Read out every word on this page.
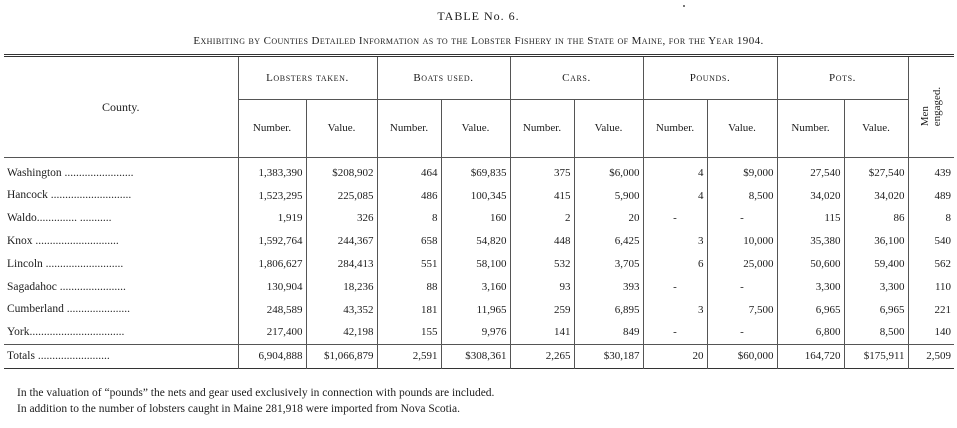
TABLE No. 6.
Exhibiting by Counties Detailed Information as to the Lobster Fishery in the State of Maine, for the Year 1904.
County.	Lobsters taken.		Boats used.		Cars.		Pounds.		Pots.		Men
engaged.
	Number.	Value.	Number.	Value.	Number.	Value.	Number.	Value.	Number.	Value.	
Washington ........................	1,383,390	$208,902	464	$69,835	375	$6,000	4	$9,000	27,540	$27,540	439
Hancock ............................	1,523,295	225,085	486	100,345	415	5,900	4	8,500	34,020	34,020	489
Waldo.............. ...........	1,919	326	8	160	2	20	-	-	115	86	8
Knox .............................	1,592,764	244,367	658	54,820	448	6,425	3	10,000	35,380	36,100	540
Lincoln ...........................	1,806,627	284,413	551	58,100	532	3,705	6	25,000	50,600	59,400	562
Sagadahoc .......................	130,904	18,236	88	3,160	93	393	-	-	3,300	3,300	110
Cumberland ......................	248,589	43,352	181	11,965	259	6,895	3	7,500	6,965	6,965	221
York.................................	217,400	42,198	155	9,976	141	849	-	-	6,800	8,500	140
Totals .........................	6,904,888	$1,066,879	2,591	$308,361	2,265	$30,187	20	$60,000	164,720	$175,911	2,509
In the valuation of “pounds” the nets and gear used exclusively in connection with pounds are included.
In addition to the number of lobsters caught in Maine 281,918 were imported from Nova Scotia.
